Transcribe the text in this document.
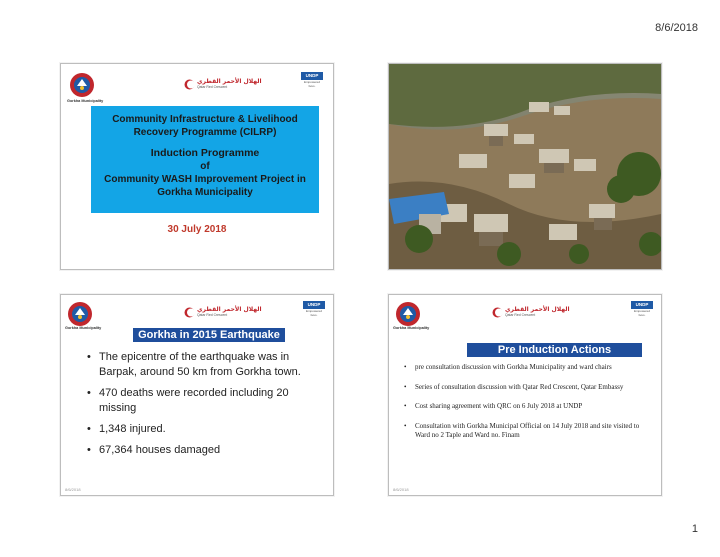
8/6/2018
Gorkha Municipality
الهلال الأحمر القطري
Qatar Red Crescent
UNDP
Empowered lives.
Community Infrastructure & Livelihood
Recovery Programme (CILRP)
Induction Programme
of
Community WASH Improvement Project in
Gorkha Municipality
30 July 2018
Gorkha Municipality
الهلال الأحمر القطري
Qatar Red Crescent
UNDP
Empowered lives.
Gorkha in 2015 Earthquake
• The epicentre of the earthquake was in Barpak, around 50 km from Gorkha town.
• 470 deaths were recorded including 20 missing
• 1,348 injured.
• 67,364 houses damaged
8/6/2018
Gorkha Municipality
الهلال الأحمر القطري
Qatar Red Crescent
UNDP
Empowered lives.
Pre Induction Actions
• pre consultation discussion with Gorkha Municipality and ward chairs
• Series of consultation discussion with Qatar Red Crescent, Qatar Embassy
• Cost sharing agreement with QRC on 6 July 2018 at UNDP
• Consultation with Gorkha Municipal Official on 14 July 2018 and site visited to Ward no 2 Taple and Ward no. Finam
8/6/2018
1
